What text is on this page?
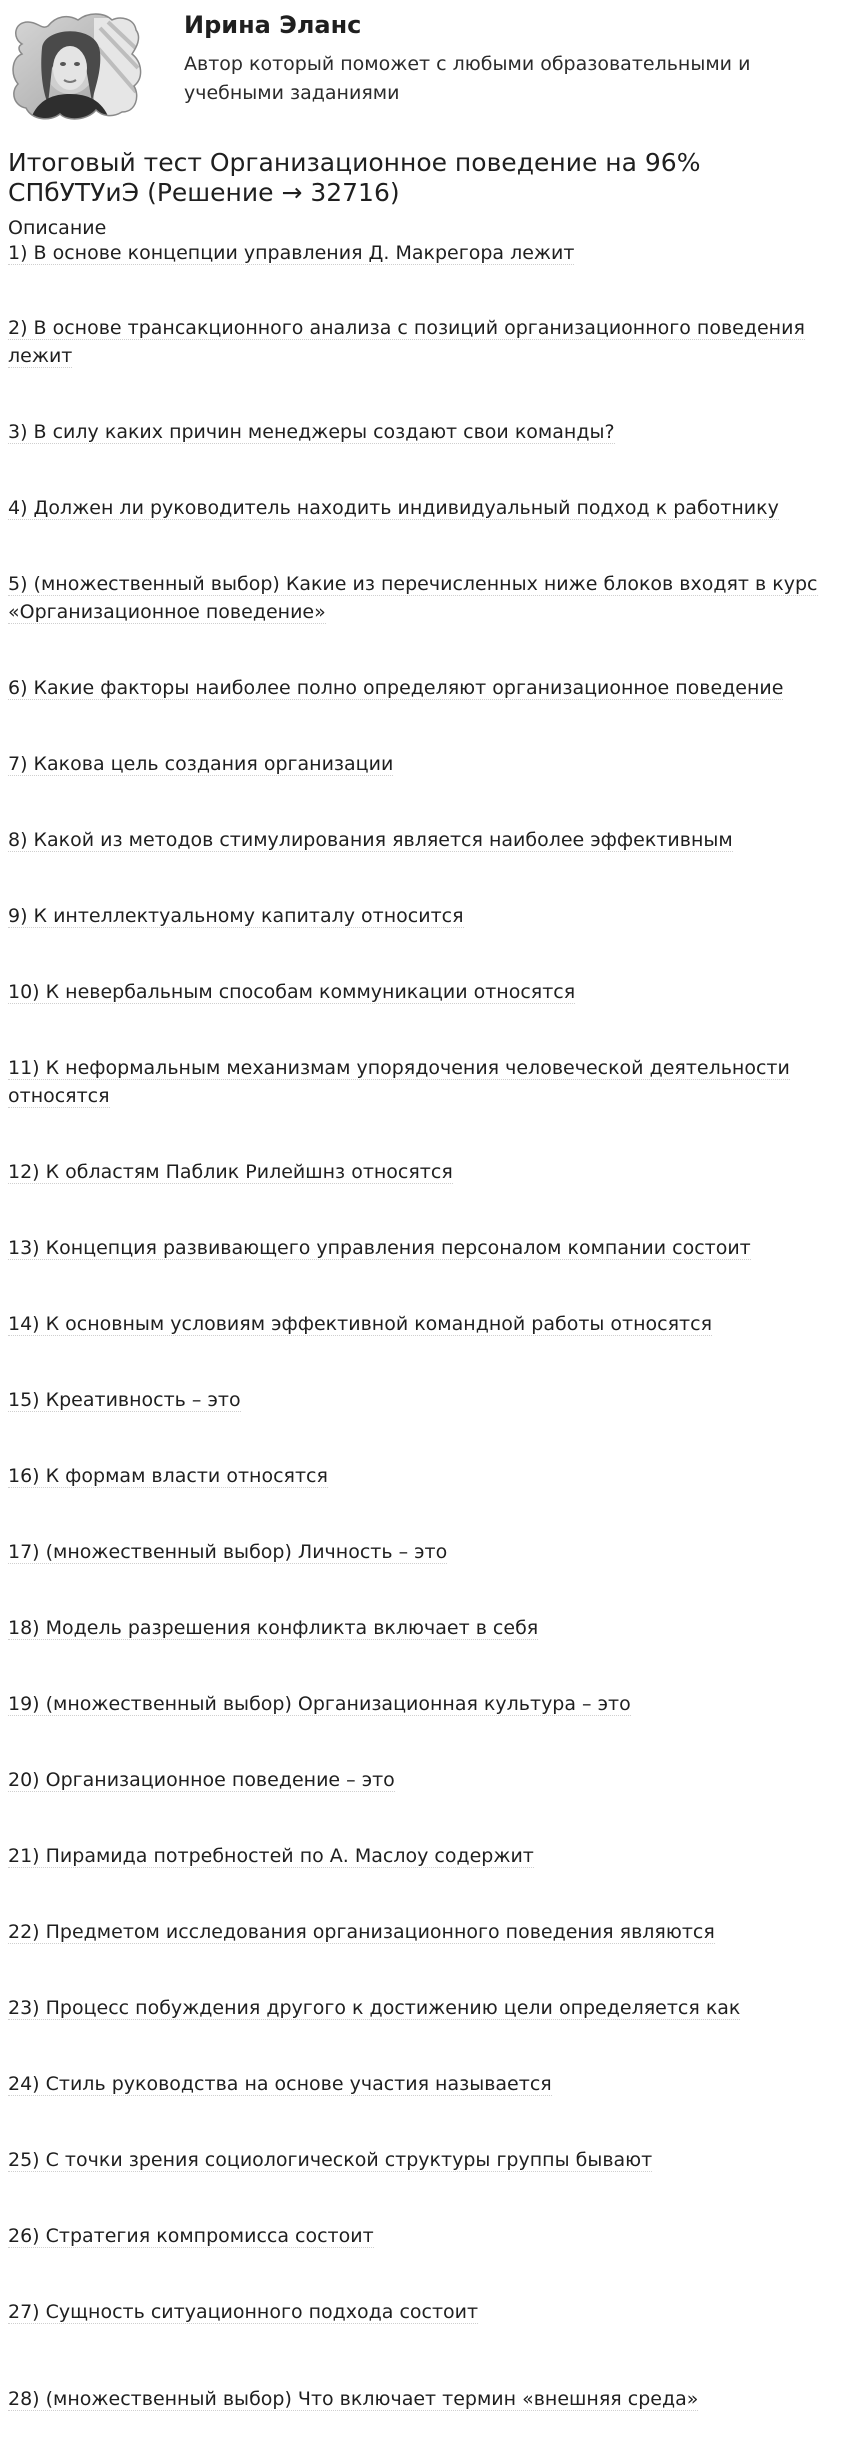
Ирина Эланс
Автор который поможет с любыми образовательными и учебными заданиями
Итоговый тест Организационное поведение на 96% СПбУТУиЭ (Решение → 32716)
Описание
1) В основе концепции управления Д. Макрегора лежит
2) В основе трансакционного анализа с позиций организационного поведения лежит
3) В силу каких причин менеджеры создают свои команды?
4) Должен ли руководитель находить индивидуальный подход к работнику
5) (множественный выбор) Какие из перечисленных ниже блоков входят в курс «Организационное поведение»
6) Какие факторы наиболее полно определяют организационное поведение
7) Какова цель создания организации
8) Какой из методов стимулирования является наиболее эффективным
9) К интеллектуальному капиталу относится
10) К невербальным способам коммуникации относятся
11) К неформальным механизмам упорядочения человеческой деятельности относятся
12) К областям Паблик Рилейшнз относятся
13) Концепция развивающего управления персоналом компании состоит
14) К основным условиям эффективной командной работы относятся
15) Креативность – это
16) К формам власти относятся
17) (множественный выбор) Личность – это
18) Модель разрешения конфликта включает в себя
19) (множественный выбор) Организационная культура – это
20) Организационное поведение – это
21) Пирамида потребностей по А. Маслоу содержит
22) Предметом исследования организационного поведения являются
23) Процесс побуждения другого к достижению цели определяется как
24) Стиль руководства на основе участия называется
25) С точки зрения социологической структуры группы бывают
26) Стратегия компромисса состоит
27) Сущность ситуационного подхода состоит
28) (множественный выбор) Что включает термин «внешняя среда»
